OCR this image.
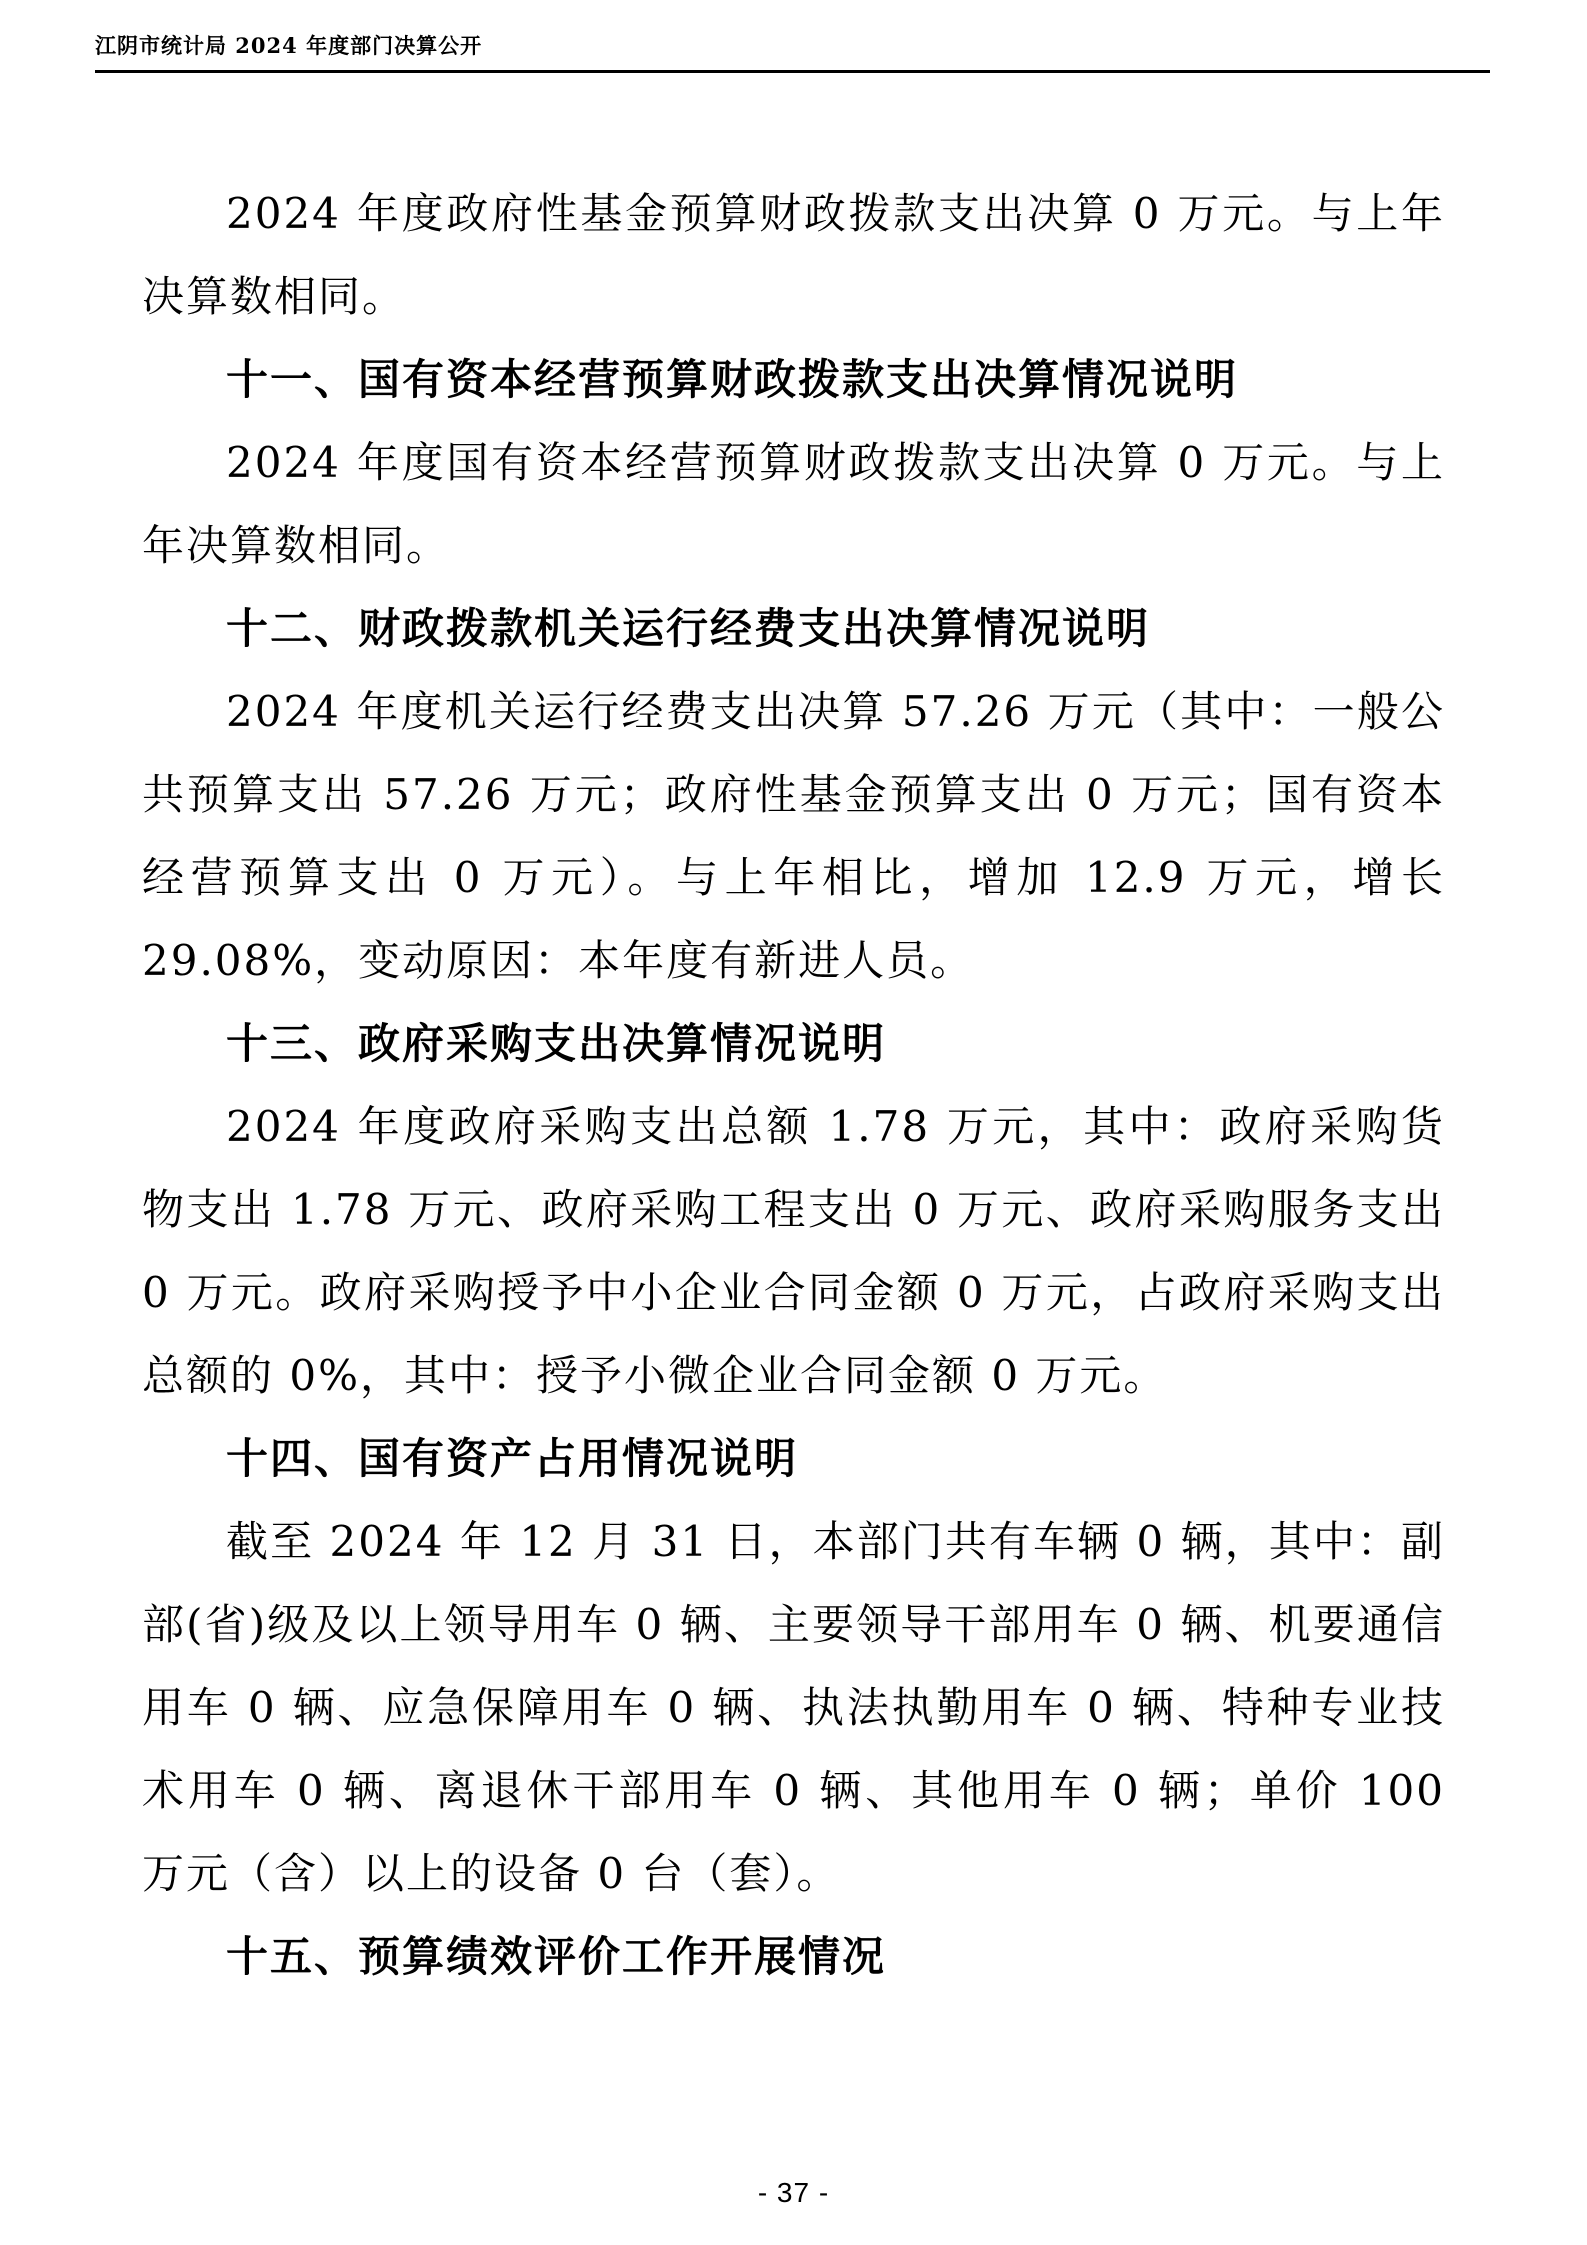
江阴市统计局 2024 年度部门决算公开

2024 年度政府性基金预算财政拨款支出决算 0 万元。与上年决算数相同。

十一、国有资本经营预算财政拨款支出决算情况说明

2024 年度国有资本经营预算财政拨款支出决算 0 万元。与上年决算数相同。

十二、财政拨款机关运行经费支出决算情况说明

2024 年度机关运行经费支出决算 57.26 万元（其中：一般公共预算支出 57.26 万元；政府性基金预算支出 0 万元；国有资本经营预算支出 0 万元）。与上年相比，增加 12.9 万元，增长 29.08%，变动原因：本年度有新进人员。

十三、政府采购支出决算情况说明

2024 年度政府采购支出总额 1.78 万元，其中：政府采购货物支出 1.78 万元、政府采购工程支出 0 万元、政府采购服务支出 0 万元。政府采购授予中小企业合同金额 0 万元，占政府采购支出总额的 0%，其中：授予小微企业合同金额 0 万元。

十四、国有资产占用情况说明

截至 2024 年 12 月 31 日，本部门共有车辆 0 辆，其中：副部(省)级及以上领导用车 0 辆、主要领导干部用车 0 辆、机要通信用车 0 辆、应急保障用车 0 辆、执法执勤用车 0 辆、特种专业技术用车 0 辆、离退休干部用车 0 辆、其他用车 0 辆；单价 100 万元（含）以上的设备 0 台（套）。

十五、预算绩效评价工作开展情况
- 37 -
